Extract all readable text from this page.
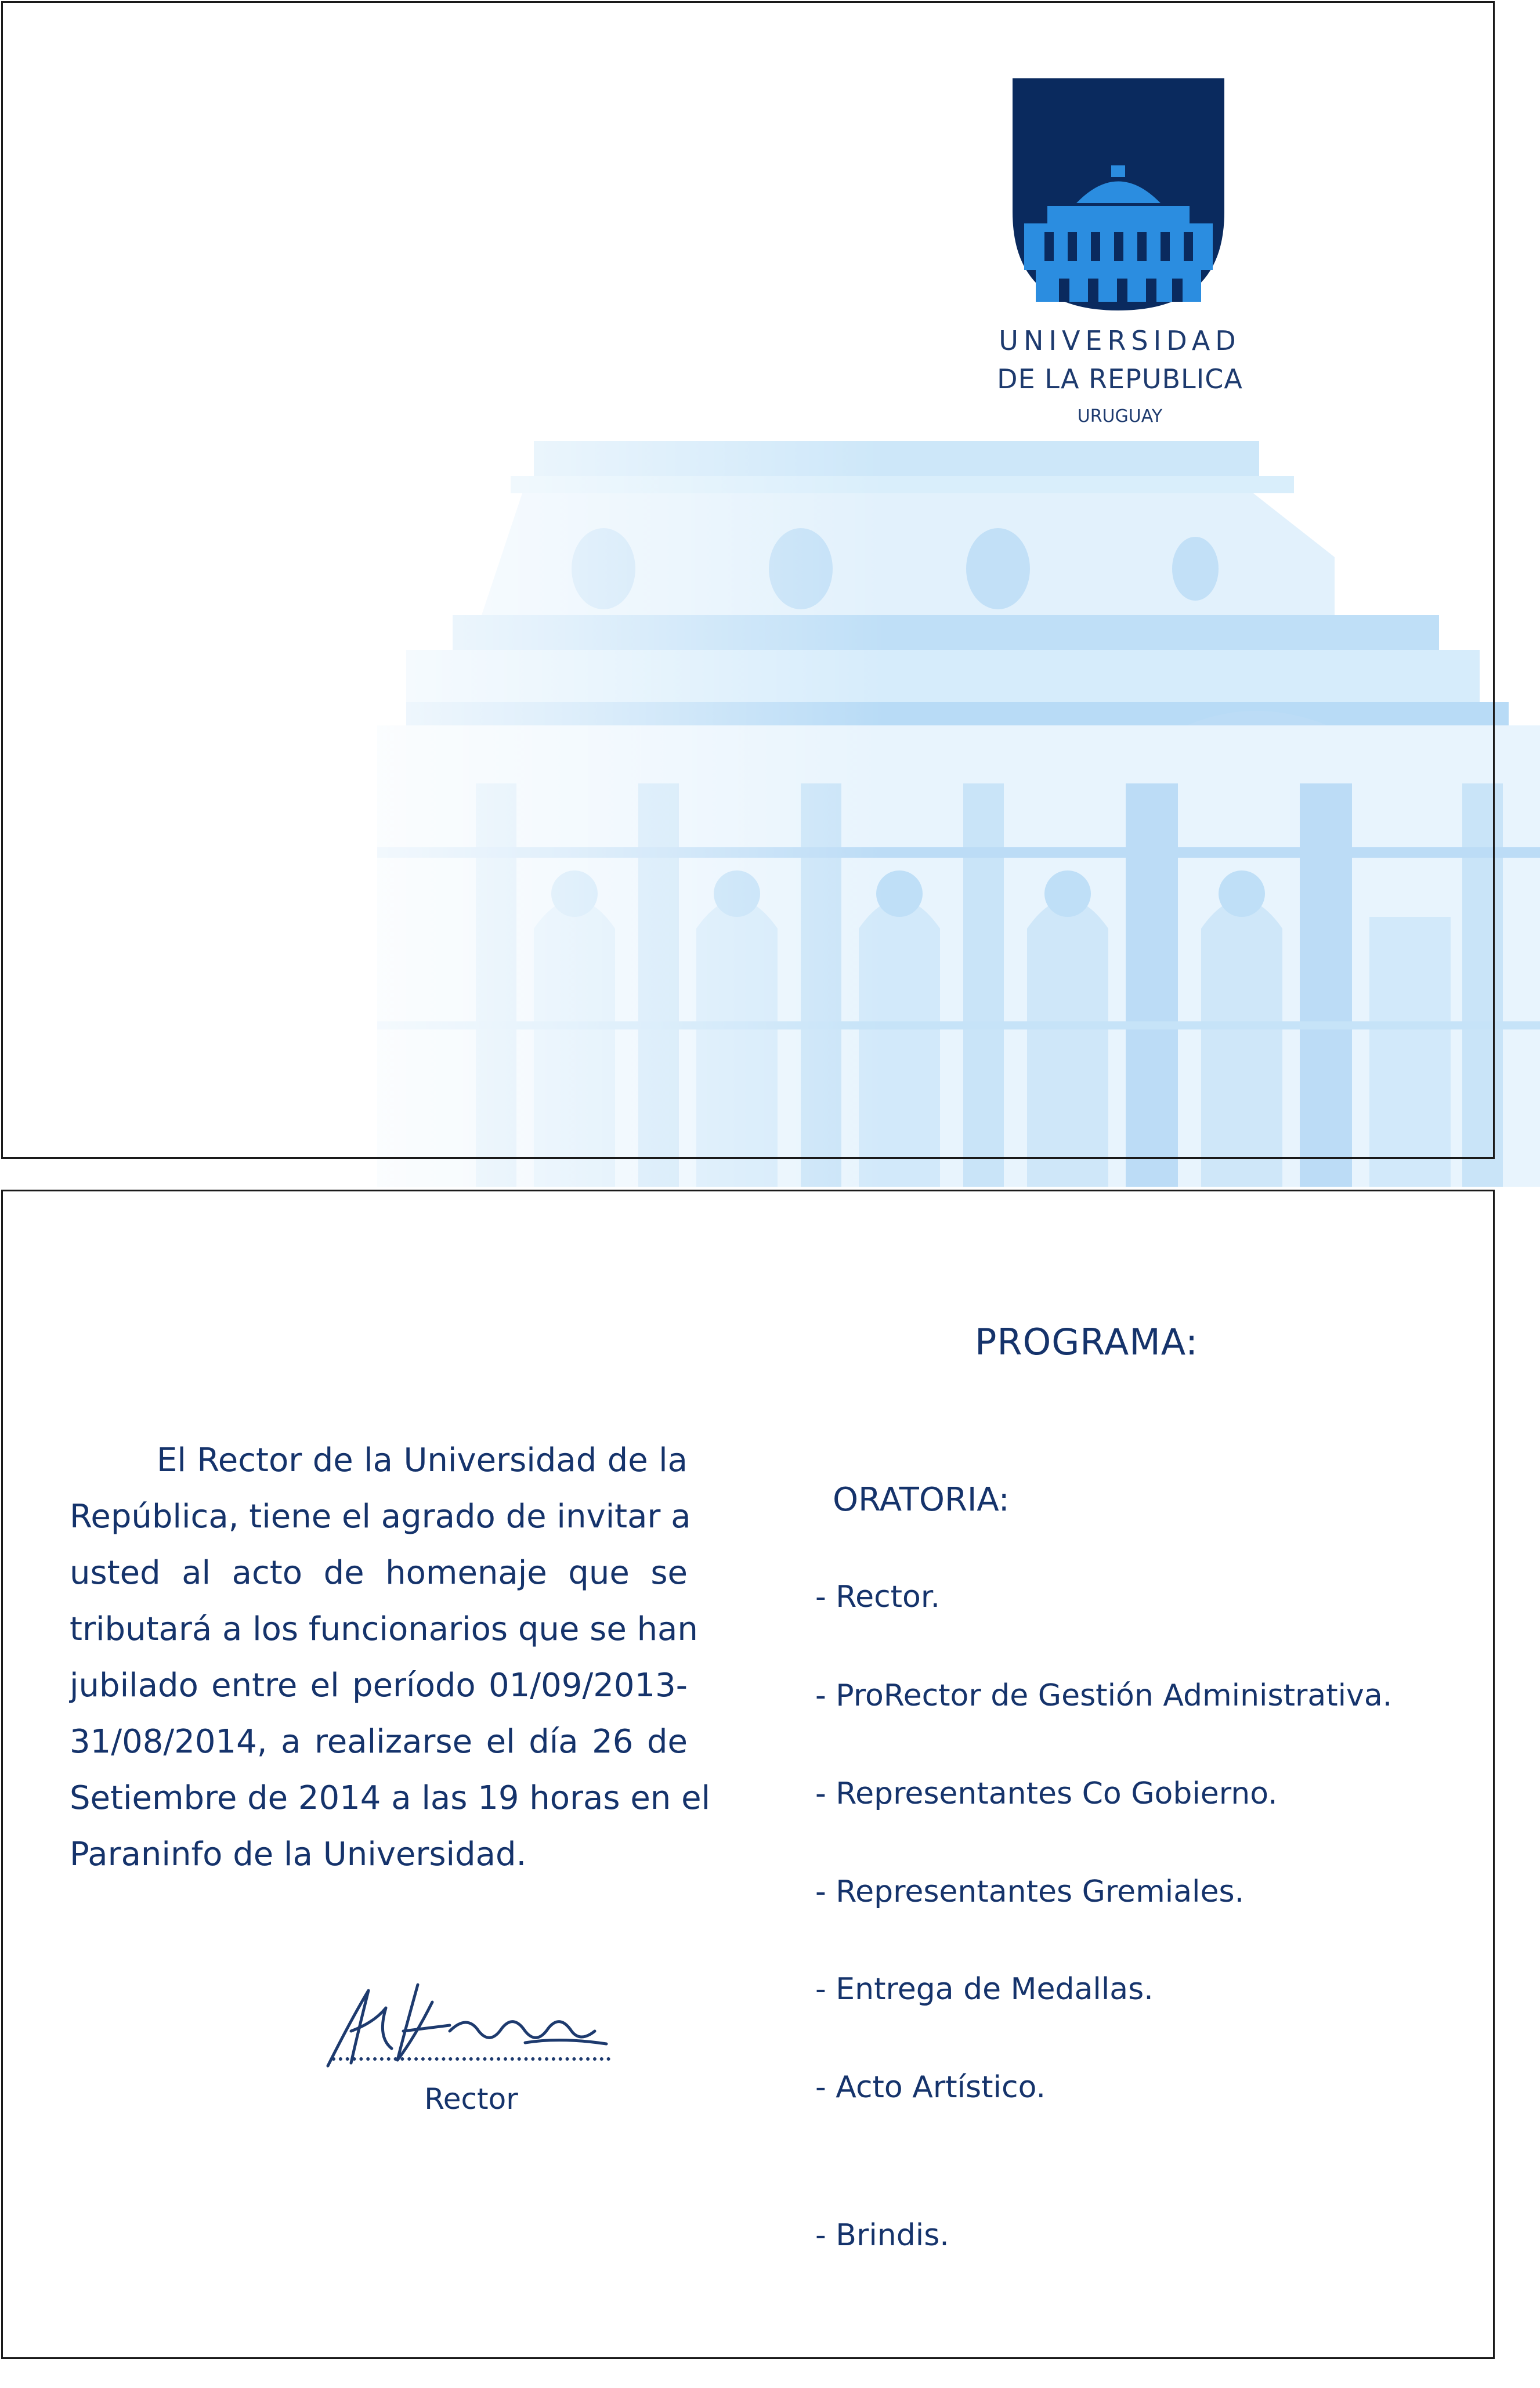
UNIVERSIDAD
DE LA REPUBLICA
URUGUAY
El Rector de la Universidad de la
República, tiene el agrado de invitar a
usted al acto de homenaje que se
tributará a los funcionarios que se han
jubilado entre el período 01/09/2013-
31/08/2014, a realizarse el día 26 de
Setiembre de 2014 a las 19 horas en el
Paraninfo de la Universidad.
Rector
PROGRAMA:
ORATORIA:
- Rector.
- ProRector de Gestión Administrativa.
- Representantes Co Gobierno.
- Representantes Gremiales.
- Entrega de Medallas.
- Acto Artístico.
- Brindis.
